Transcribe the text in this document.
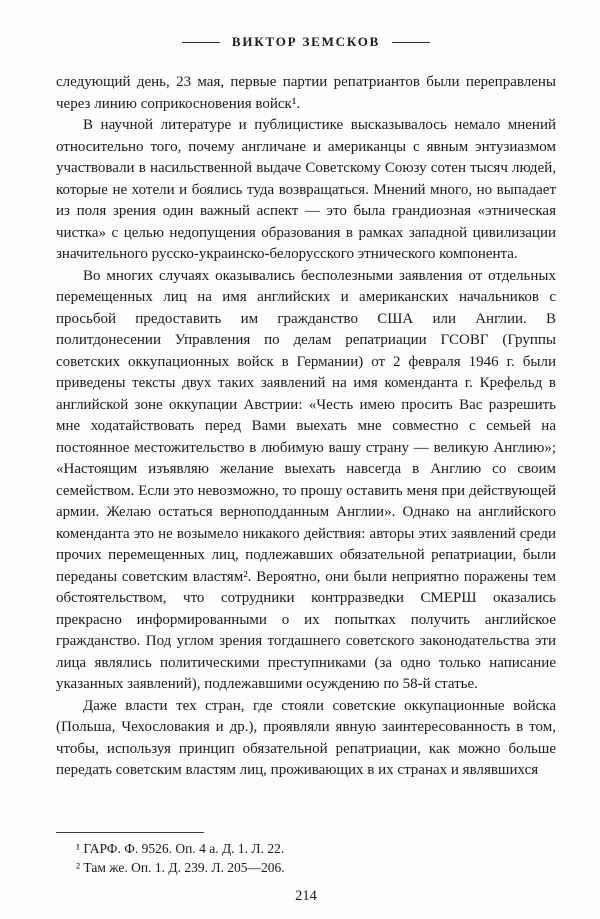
ВИКТОР ЗЕМСКОВ

следующий день, 23 мая, первые партии репатриантов были переправлены через линию соприкосновения войск¹.

В научной литературе и публицистике высказывалось немало мнений относительно того, почему англичане и американцы с явным энтузиазмом участвовали в насильственной выдаче Советскому Союзу сотен тысяч людей, которые не хотели и боялись туда возвращаться. Мнений много, но выпадает из поля зрения один важный аспект — это была грандиозная «этническая чистка» с целью недопущения образования в рамках западной цивилизации значительного русско-украинско-белорусского этнического компонента.

Во многих случаях оказывались бесполезными заявления от отдельных перемещенных лиц на имя английских и американских начальников с просьбой предоставить им гражданство США или Англии. В политдонесении Управления по делам репатриации ГСОВГ (Группы советских оккупационных войск в Германии) от 2 февраля 1946 г. были приведены тексты двух таких заявлений на имя коменданта г. Крефельд в английской зоне оккупации Австрии: «Честь имею просить Вас разрешить мне ходатайствовать перед Вами выехать мне совместно с семьей на постоянное местожительство в любимую вашу страну — великую Англию»; «Настоящим изъявляю желание выехать навсегда в Англию со своим семейством. Если это невозможно, то прошу оставить меня при действующей армии. Желаю остаться верноподданным Англии». Однако на английского коменданта это не возымело никакого действия: авторы этих заявлений среди прочих перемещенных лиц, подлежавших обязательной репатриации, были переданы советским властям². Вероятно, они были неприятно поражены тем обстоятельством, что сотрудники контрразведки СМЕРШ оказались прекрасно информированными о их попытках получить английское гражданство. Под углом зрения тогдашнего советского законодательства эти лица являлись политическими преступниками (за одно только написание указанных заявлений), подлежавшими осуждению по 58-й статье.

Даже власти тех стран, где стояли советские оккупационные войска (Польша, Чехословакия и др.), проявляли явную заинтересованность в том, чтобы, используя принцип обязательной репатриации, как можно больше передать советским властям лиц, проживающих в их странах и являвшихся

¹ ГАРФ. Ф. 9526. Оп. 4 а. Д. 1. Л. 22.

² Там же. Оп. 1. Д. 239. Л. 205—206.

214
